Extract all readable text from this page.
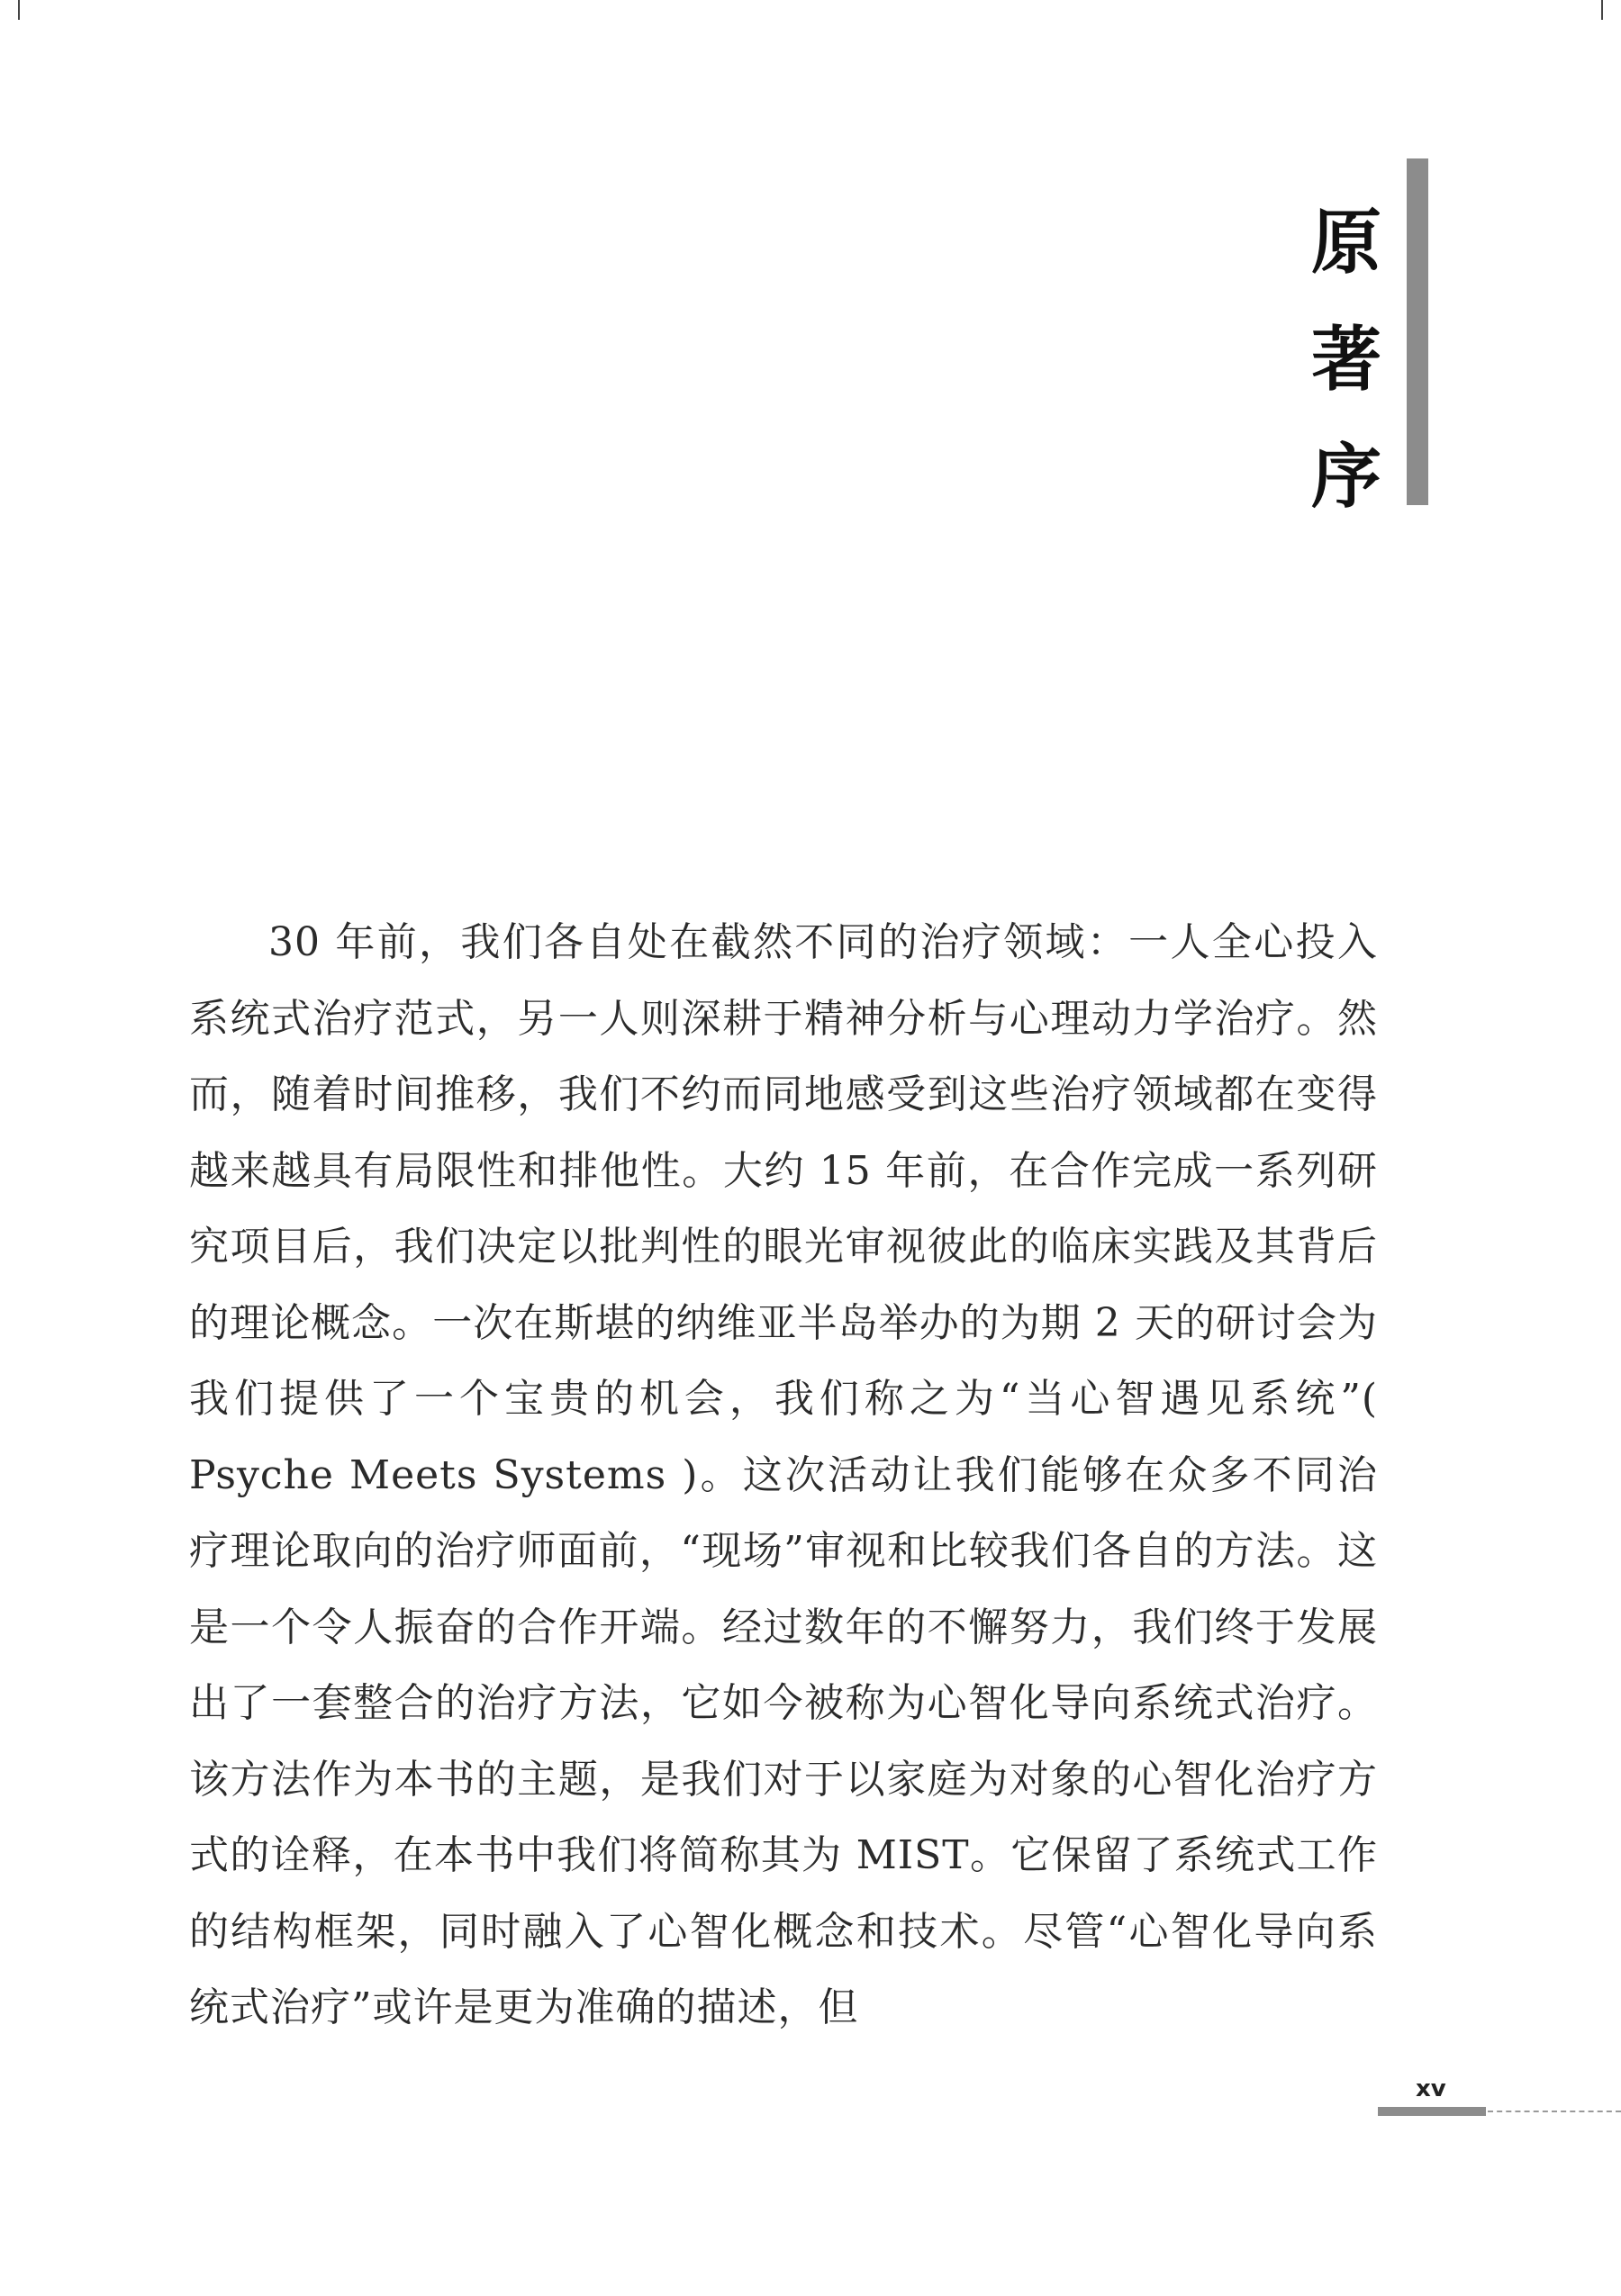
原
著
序

30 年前，我们各自处在截然不同的治疗领域：一人全心投入系统式治疗范式，另一人则深耕于精神分析与心理动力学治疗。然而，随着时间推移，我们不约而同地感受到这些治疗领域都在变得越来越具有局限性和排他性。大约 15 年前，在合作完成一系列研究项目后，我们决定以批判性的眼光审视彼此的临床实践及其背后的理论概念。一次在斯堪的纳维亚半岛举办的为期 2 天的研讨会为我们提供了一个宝贵的机会，我们称之为“当心智遇见系统”( Psyche Meets Systems )。这次活动让我们能够在众多不同治疗理论取向的治疗师面前，“现场”审视和比较我们各自的方法。这是一个令人振奋的合作开端。经过数年的不懈努力，我们终于发展出了一套整合的治疗方法，它如今被称为心智化导向系统式治疗。该方法作为本书的主题，是我们对于以家庭为对象的心智化治疗方式的诠释，在本书中我们将简称其为 MIST。它保留了系统式工作的结构框架，同时融入了心智化概念和技术。尽管“心智化导向系统式治疗”或许是更为准确的描述，但

xv
